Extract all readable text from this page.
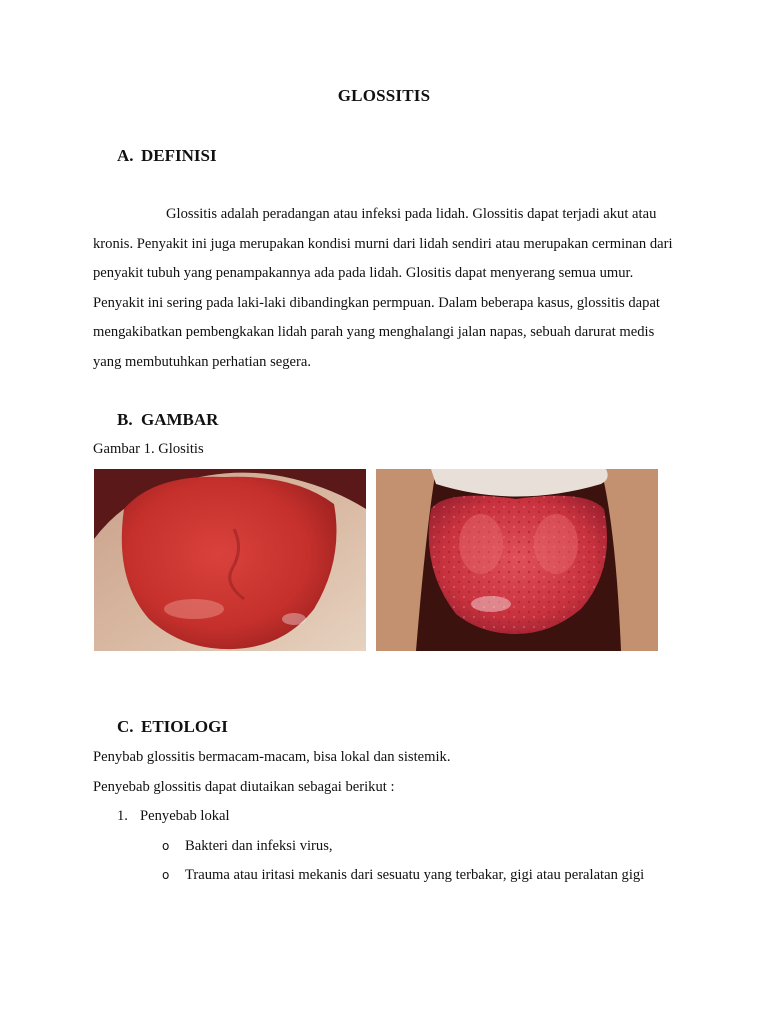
GLOSSITIS
A. DEFINISI
Glossitis adalah peradangan atau infeksi pada lidah. Glossitis dapat terjadi akut atau kronis. Penyakit ini juga merupakan kondisi murni dari lidah sendiri atau merupakan cerminan dari penyakit tubuh yang penampakannya ada pada lidah. Glositis dapat menyerang semua umur. Penyakit ini sering pada laki-laki dibandingkan permpuan. Dalam beberapa kasus, glossitis dapat mengakibatkan pembengkakan lidah parah yang menghalangi jalan napas, sebuah darurat medis yang membutuhkan perhatian segera.
B. GAMBAR
Gambar 1. Glositis
C. ETIOLOGI
Penybab glossitis bermacam-macam, bisa lokal dan sistemik.
Penyebab glossitis dapat diutaikan sebagai berikut :
1. Penyebab lokal
o Bakteri dan infeksi virus,
o Trauma atau iritasi mekanis dari sesuatu yang terbakar, gigi atau peralatan gigi
